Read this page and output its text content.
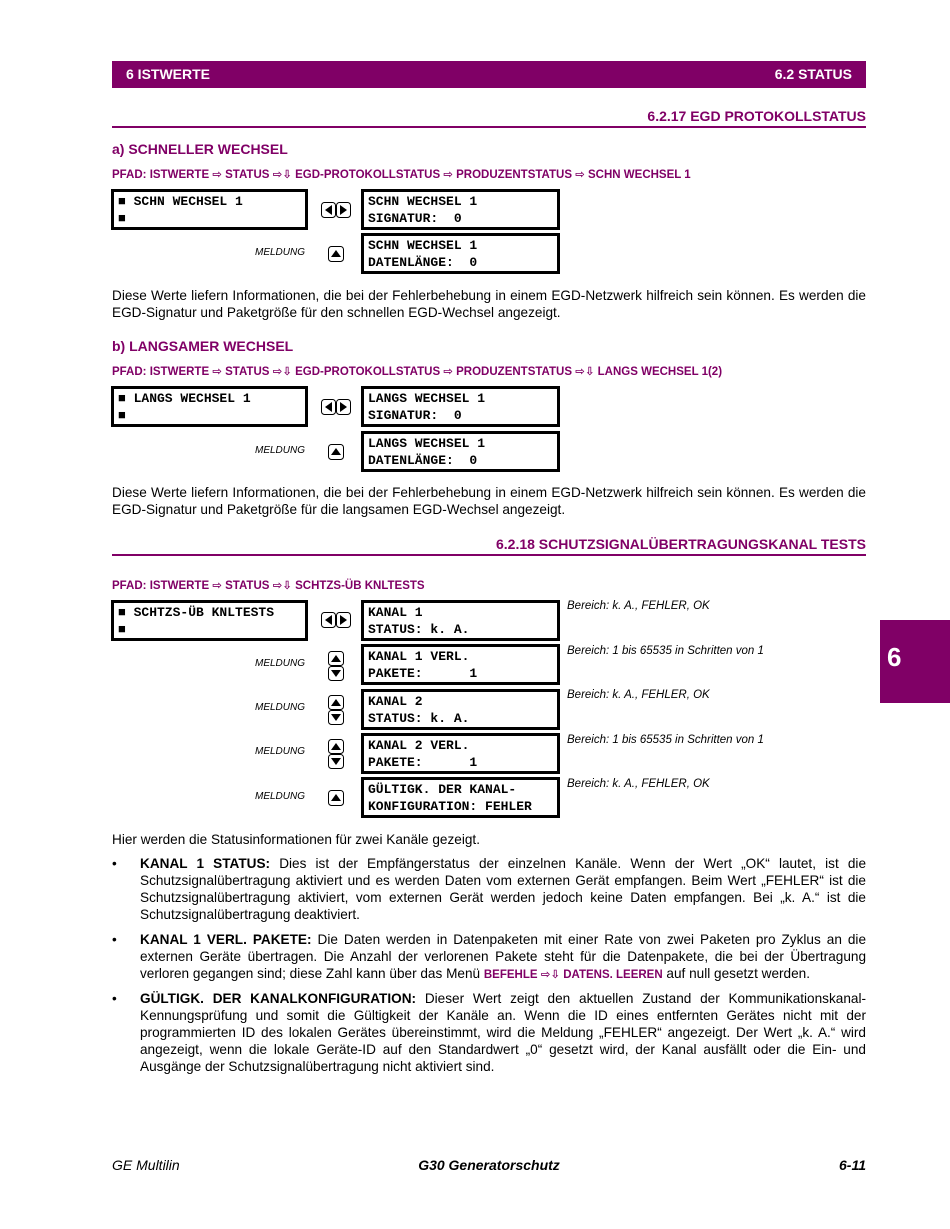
6 ISTWERTE	6.2 STATUS
6.2.17 EGD PROTOKOLLSTATUS
a) SCHNELLER WECHSEL
PFAD: ISTWERTE ⇨ STATUS ⇨⇩ EGD-PROTOKOLLSTATUS ⇨ PRODUZENTSTATUS ⇨ SCHN WECHSEL 1
■ SCHN WECHSEL 1
■
SCHN WECHSEL 1
SIGNATUR:  0
MELDUNG	SCHN WECHSEL 1
DATENLÄNGE:  0
Diese Werte liefern Informationen, die bei der Fehlerbehebung in einem EGD-Netzwerk hilfreich sein können. Es werden die EGD-Signatur und Paketgröße für den schnellen EGD-Wechsel angezeigt.
b) LANGSAMER WECHSEL
PFAD: ISTWERTE ⇨ STATUS ⇨⇩ EGD-PROTOKOLLSTATUS ⇨ PRODUZENTSTATUS ⇨⇩ LANGS WECHSEL 1(2)
■ LANGS WECHSEL 1
■
LANGS WECHSEL 1
SIGNATUR:  0
MELDUNG	LANGS WECHSEL 1
DATENLÄNGE:  0
Diese Werte liefern Informationen, die bei der Fehlerbehebung in einem EGD-Netzwerk hilfreich sein können. Es werden die EGD-Signatur und Paketgröße für die langsamen EGD-Wechsel angezeigt.
6.2.18 SCHUTZSIGNALÜBERTRAGUNGSKANAL TESTS
PFAD: ISTWERTE ⇨ STATUS ⇨⇩ SCHTZS-ÜB KNLTESTS
■ SCHTZS-ÜB KNLTESTS
■
KANAL 1
STATUS: k. A.
Bereich: k. A., FEHLER, OK
MELDUNG	KANAL 1 VERL.
PAKETE:      1
Bereich: 1 bis 65535 in Schritten von 1
MELDUNG	KANAL 2
STATUS: k. A.
Bereich: k. A., FEHLER, OK
MELDUNG	KANAL 2 VERL.
PAKETE:      1
Bereich: 1 bis 65535 in Schritten von 1
MELDUNG	GÜLTIGK. DER KANAL-
KONFIGURATION: FEHLER
Bereich: k. A., FEHLER, OK
Hier werden die Statusinformationen für zwei Kanäle gezeigt.
• KANAL 1 STATUS: Dies ist der Empfängerstatus der einzelnen Kanäle. Wenn der Wert „OK“ lautet, ist die Schutzsignalübertragung aktiviert und es werden Daten vom externen Gerät empfangen. Beim Wert „FEHLER“ ist die Schutzsignalübertragung aktiviert, vom externen Gerät werden jedoch keine Daten empfangen. Bei „k. A.“ ist die Schutzsignalübertragung deaktiviert.
• KANAL 1 VERL. PAKETE: Die Daten werden in Datenpaketen mit einer Rate von zwei Paketen pro Zyklus an die externen Geräte übertragen. Die Anzahl der verlorenen Pakete steht für die Datenpakete, die bei der Übertragung verloren gegangen sind; diese Zahl kann über das Menü BEFEHLE ⇨⇩ DATENS. LEEREN auf null gesetzt werden.
• GÜLTIGK. DER KANALKONFIGURATION: Dieser Wert zeigt den aktuellen Zustand der Kommunikationskanal-Kennungsprüfung und somit die Gültigkeit der Kanäle an. Wenn die ID eines entfernten Gerätes nicht mit der programmierten ID des lokalen Gerätes übereinstimmt, wird die Meldung „FEHLER“ angezeigt. Der Wert „k. A.“ wird angezeigt, wenn die lokale Geräte-ID auf den Standardwert „0“ gesetzt wird, der Kanal ausfällt oder die Ein- und Ausgänge der Schutzsignalübertragung nicht aktiviert sind.
6
GE Multilin	G30 Generatorschutz	6-11
